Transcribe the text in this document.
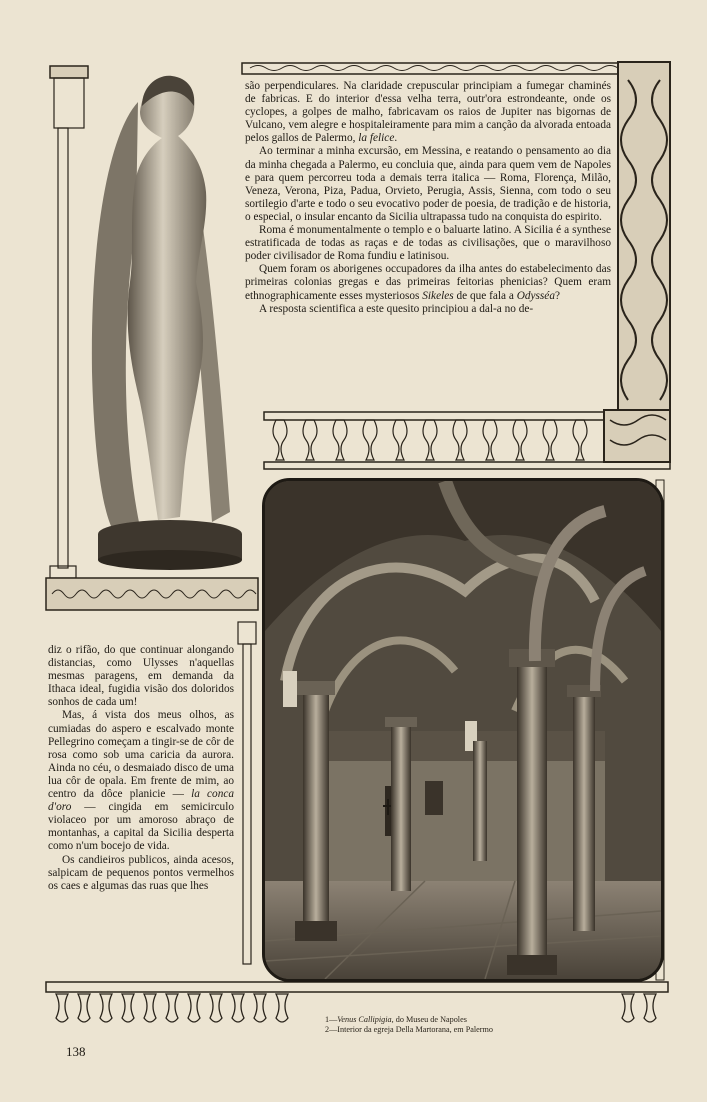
são perpendiculares. Na claridade crepuscular principiam a fumegar chaminés de fabricas. E do interior d'essa velha terra, outr'ora estrondeante, onde os cyclopes, a golpes de malho, fabricavam os raios de Jupiter nas bigornas de Vulcano, vem alegre e hospitaleiramente para mim a canção da alvorada entoada pelos gallos de Palermo, la felice.

Ao terminar a minha excursão, em Messina, e reatando o pensamento ao dia da minha chegada a Palermo, eu concluia que, ainda para quem vem de Napoles e para quem percorreu toda a demais terra italica — Roma, Florença, Milão, Veneza, Verona, Piza, Padua, Orvieto, Perugia, Assis, Sienna, com todo o seu sortilegio d'arte e todo o seu evocativo poder de poesia, de tradição e de historia, o especial, o insular encanto da Sicilia ultrapassa tudo na conquista do espirito.

Roma é monumentalmente o templo e o baluarte latino. A Sicilia é a synthese estratificada de todas as raças e de todas as civilisações, que o maravilhoso poder civilisador de Roma fundiu e latinisou.

Quem foram os aborigenes occupadores da ilha antes do estabelecimento das primeiras colonias gregas e das primeiras feitorias phenicias? Quem eram ethnographicamente esses mysteriosos Sikeles de que fala a Odysséa?

A resposta scientifica a este quesito principiou a dal-a no de-

diz o rifão, do que continuar alongando distancias, como Ulysses n'aquellas mesmas paragens, em demanda da Ithaca ideal, fugidia visão dos doloridos sonhos de cada um!

Mas, á vista dos meus olhos, as cumiadas do aspero e escalvado monte Pellegrino começam a tingir-se de côr de rosa como sob uma caricia da aurora. Ainda no céu, o desmaiado disco de uma lua côr de opala. Em frente de mim, ao centro da dôce planicie — la conca d'oro — cingida em semicirculo violaceo por um amoroso abraço de montanhas, a capital da Sicilia desperta como n'um bocejo de vida.

Os candieiros publicos, ainda acesos, salpicam de pequenos pontos vermelhos os caes e algumas das ruas que lhes

1—Venus Callipigia, do Museu de Napoles
2—Interior da egreja Della Martorana, em Palermo
138
